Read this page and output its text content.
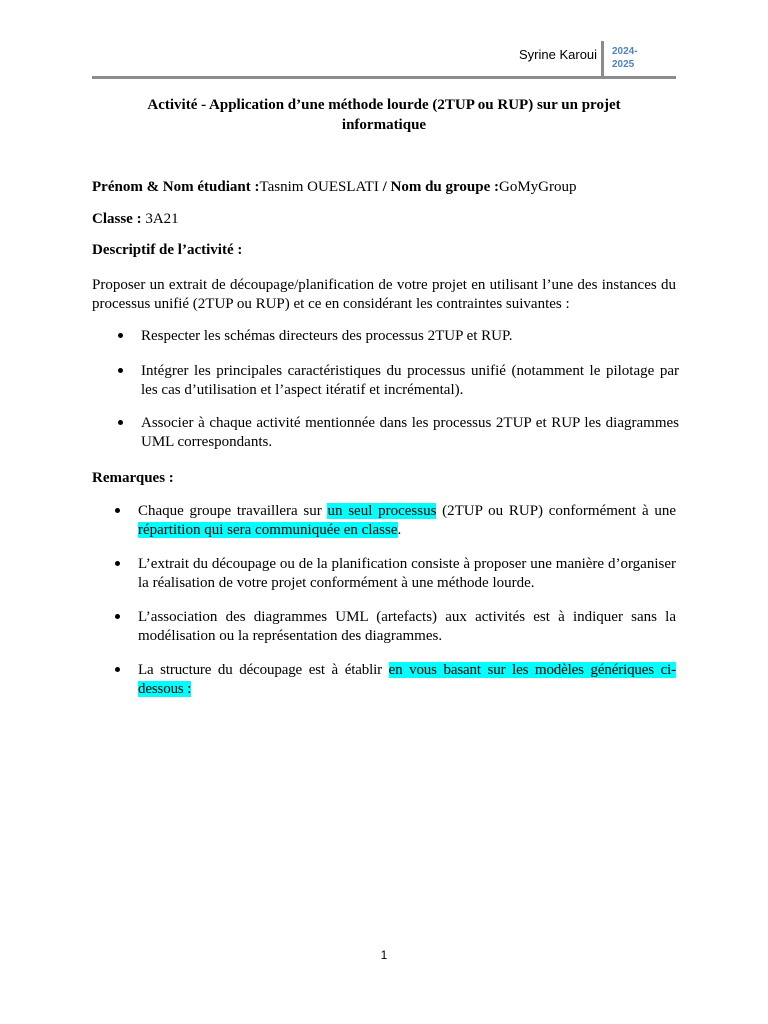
Syrine Karoui 2024-
2025
Activité - Application d’une méthode lourde (2TUP ou RUP) sur un projet
informatique
Prénom & Nom étudiant :Tasnim OUESLATI / Nom du groupe :GoMyGroup
Classe : 3A21
Descriptif de l’activité :
Proposer un extrait de découpage/planification de votre projet en utilisant l’une des instances du processus unifié (2TUP ou RUP) et ce en considérant les contraintes suivantes :
Respecter les schémas directeurs des processus 2TUP et RUP.
Intégrer les principales caractéristiques du processus unifié (notamment le pilotage par les cas d’utilisation et l’aspect itératif et incrémental).
Associer à chaque activité mentionnée dans les processus 2TUP et RUP les diagrammes UML correspondants.
Remarques :
Chaque groupe travaillera sur un seul processus (2TUP ou RUP) conformément à une répartition qui sera communiquée en classe.
L’extrait du découpage ou de la planification consiste à proposer une manière d’organiser la réalisation de votre projet conformément à une méthode lourde.
L’association des diagrammes UML (artefacts) aux activités est à indiquer sans la modélisation ou la représentation des diagrammes.
La structure du découpage est à établir en vous basant sur les modèles génériques ci-dessous :
1
